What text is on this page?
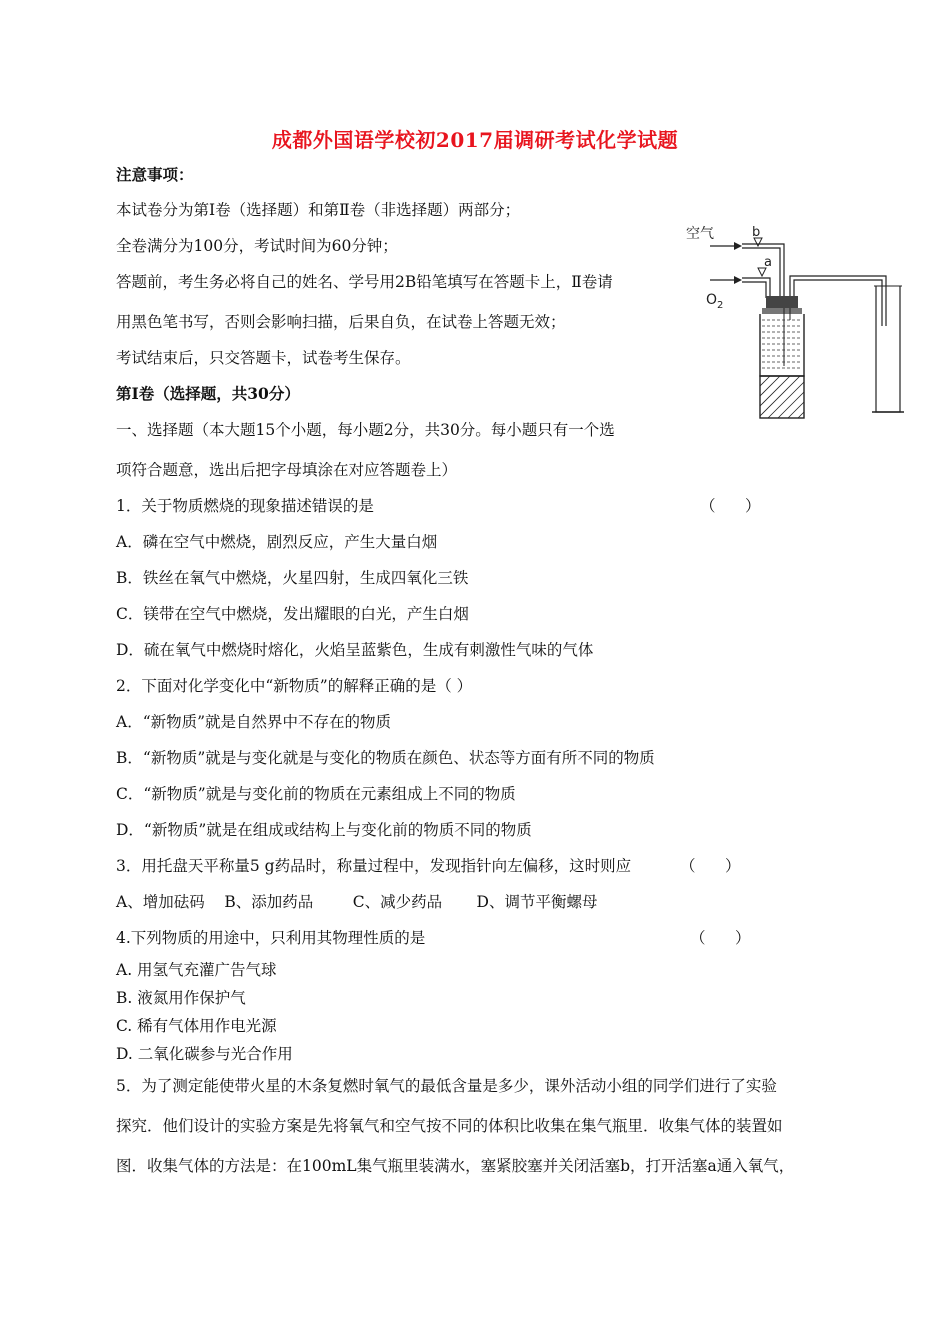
成都外国语学校初2017届调研考试化学试题
注意事项：
本试卷分为第Ⅰ卷（选择题）和第Ⅱ卷（非选择题）两部分；
全卷满分为100分，考试时间为60分钟；
答题前，考生务必将自己的姓名、学号用2B铅笔填写在答题卡上，Ⅱ卷请
用黑色笔书写，否则会影响扫描，后果自负，在试卷上答题无效；
考试结束后，只交答题卡，试卷考生保存。
第Ⅰ卷（选择题，共30分）
一、选择题（本大题15个小题，每小题2分，共30分。每小题只有一个选
项符合题意，选出后把字母填涂在对应答题卷上）
空气	b
a
$O_2$
1．关于物质燃烧的现象描述错误的是	（      ）
A．磷在空气中燃烧，剧烈反应，产生大量白烟
B．铁丝在氧气中燃烧，火星四射，生成四氧化三铁
C．镁带在空气中燃烧，发出耀眼的白光，产生白烟
D．硫在氧气中燃烧时熔化，火焰呈蓝紫色，生成有刺激性气味的气体
2．下面对化学变化中“新物质”的解释正确的是（ ）
A．“新物质”就是自然界中不存在的物质
B．“新物质”就是与变化就是与变化的物质在颜色、状态等方面有所不同的物质
C．“新物质”就是与变化前的物质在元素组成上不同的物质
D．“新物质”就是在组成或结构上与变化前的物质不同的物质
3．用托盘天平称量5 g药品时，称量过程中，发现指针向左偏移，这时则应	（      ）
A、增加砝码    B、添加药品        C、减少药品       D、调节平衡螺母
4.下列物质的用途中，只利用其物理性质的是	（      ）
A. 用氢气充灌广告气球
B. 液氮用作保护气
C. 稀有气体用作电光源
D. 二氧化碳参与光合作用
5．为了测定能使带火星的木条复燃时氧气的最低含量是多少，课外活动小组的同学们进行了实验
探究．他们设计的实验方案是先将氧气和空气按不同的体积比收集在集气瓶里．收集气体的装置如
图．收集气体的方法是：在100mL集气瓶里装满水，塞紧胶塞并关闭活塞b，打开活塞a通入氧气，
